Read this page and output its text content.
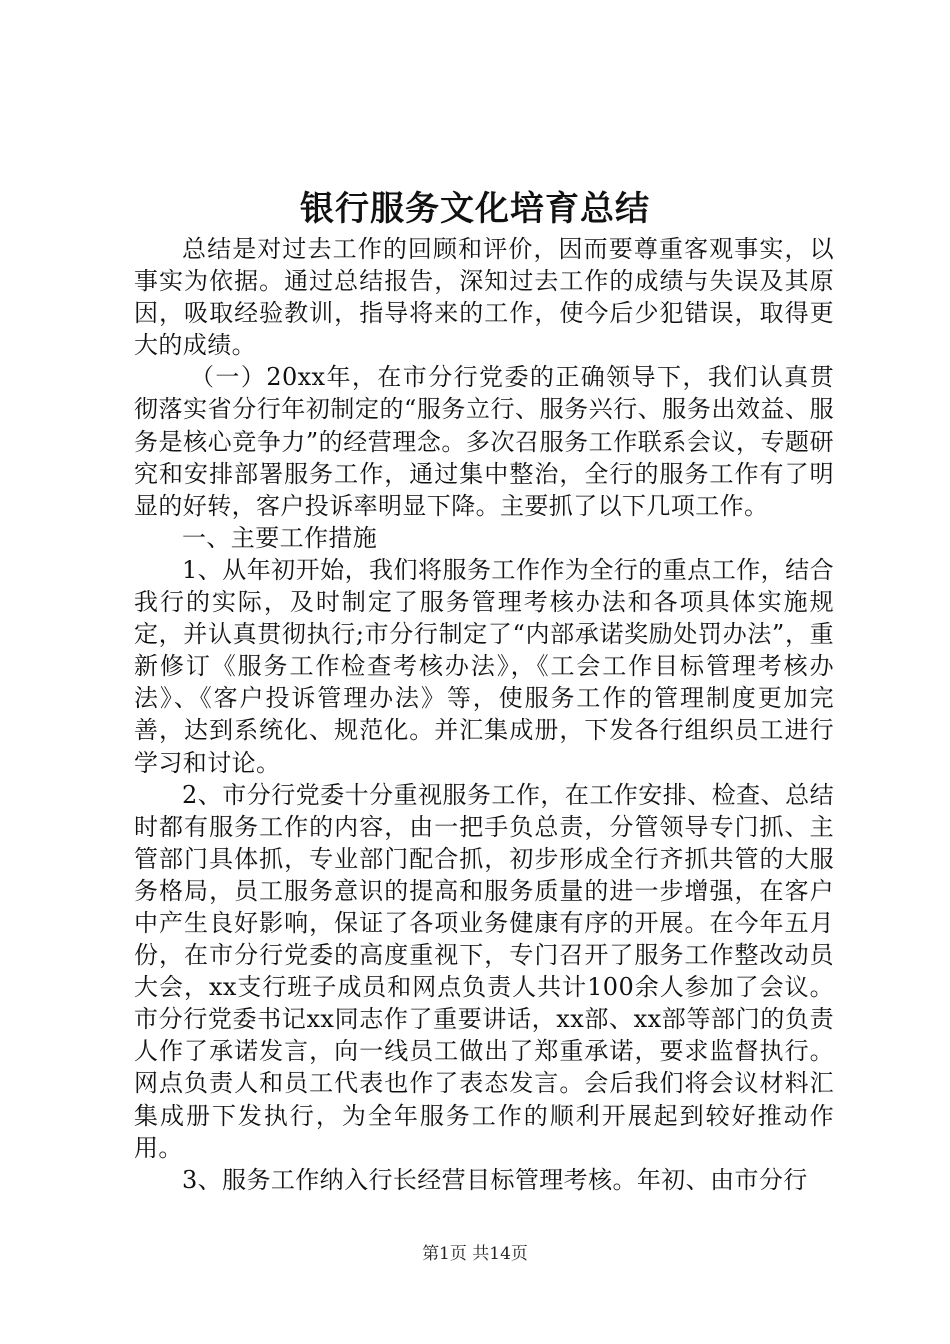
银行服务文化培育总结

总结是对过去工作的回顾和评价，因而要尊重客观事实，以事实为依据。通过总结报告，深知过去工作的成绩与失误及其原因，吸取经验教训，指导将来的工作，使今后少犯错误，取得更大的成绩。

（一）20xx年，在市分行党委的正确领导下，我们认真贯彻落实省分行年初制定的“服务立行、服务兴行、服务出效益、服务是核心竞争力”的经营理念。多次召服务工作联系会议，专题研究和安排部署服务工作，通过集中整治，全行的服务工作有了明显的好转，客户投诉率明显下降。主要抓了以下几项工作。

一、主要工作措施

1、从年初开始，我们将服务工作作为全行的重点工作，结合我行的实际，及时制定了服务管理考核办法和各项具体实施规定，并认真贯彻执行;市分行制定了“内部承诺奖励处罚办法”，重新修订《服务工作检查考核办法》，《工会工作目标管理考核办法》、《客户投诉管理办法》等，使服务工作的管理制度更加完善，达到系统化、规范化。并汇集成册，下发各行组织员工进行学习和讨论。

2、市分行党委十分重视服务工作，在工作安排、检查、总结时都有服务工作的内容，由一把手负总责，分管领导专门抓、主管部门具体抓，专业部门配合抓，初步形成全行齐抓共管的大服务格局，员工服务意识的提高和服务质量的进一步增强，在客户中产生良好影响，保证了各项业务健康有序的开展。在今年五月份，在市分行党委的高度重视下，专门召开了服务工作整改动员大会，xx支行班子成员和网点负责人共计100余人参加了会议。市分行党委书记xx同志作了重要讲话，xx部、xx部等部门的负责人作了承诺发言，向一线员工做出了郑重承诺，要求监督执行。网点负责人和员工代表也作了表态发言。会后我们将会议材料汇集成册下发执行，为全年服务工作的顺利开展起到较好推动作用。

3、服务工作纳入行长经营目标管理考核。年初、由市分行

第1页 共14页
